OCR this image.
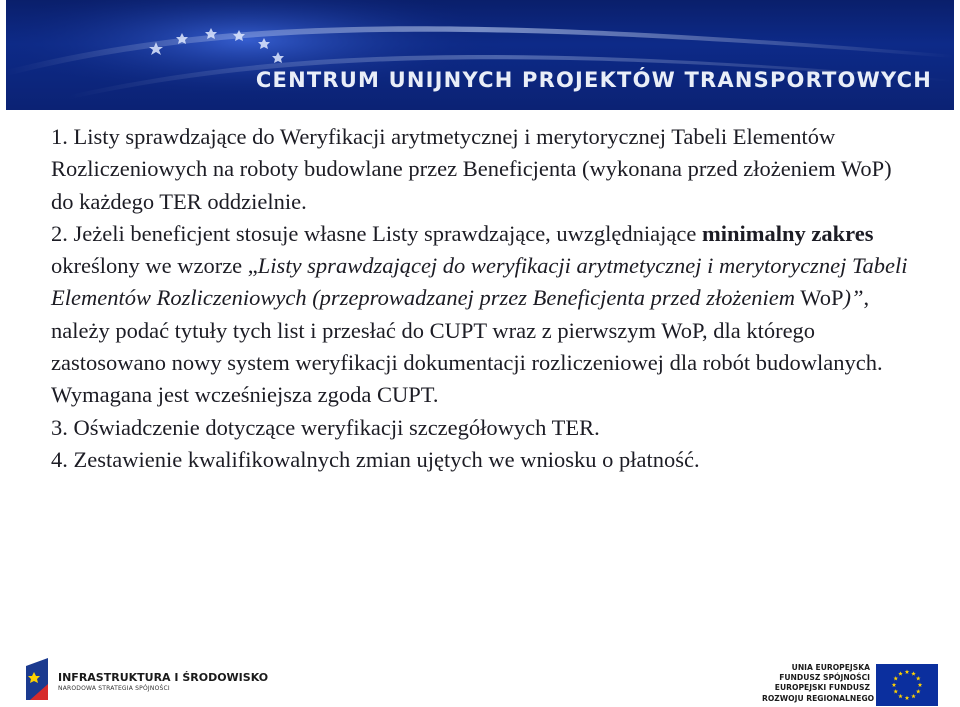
CENTRUM UNIJNYCH PROJEKTÓW TRANSPORTOWYCH

1. Listy sprawdzające do Weryfikacji arytmetycznej i merytorycznej Tabeli Elementów Rozliczeniowych na roboty budowlane przez Beneficjenta (wykonana przed złożeniem WoP) do każdego TER oddzielnie.

2. Jeżeli beneficjent stosuje własne Listy sprawdzające, uwzględniające minimalny zakres określony we wzorze „Listy sprawdzającej do weryfikacji arytmetycznej i merytorycznej Tabeli Elementów Rozliczeniowych (przeprowadzanej przez Beneficjenta przed złożeniem WoP)”, należy podać tytuły tych list i przesłać do CUPT wraz z pierwszym WoP, dla którego zastosowano nowy system weryfikacji dokumentacji rozliczeniowej dla robót budowlanych. Wymagana jest wcześniejsza zgoda CUPT.

3. Oświadczenie dotyczące weryfikacji szczegółowych TER.

4. Zestawienie kwalifikowalnych zmian ujętych we wniosku o płatność.

INFRASTRUKTURA I ŚRODOWISKO
NARODOWA STRATEGIA SPÓJNOŚCI
UNIA EUROPEJSKA
FUNDUSZ SPÓJNOŚCI
EUROPEJSKI FUNDUSZ
ROZWOJU REGIONALNEGO
